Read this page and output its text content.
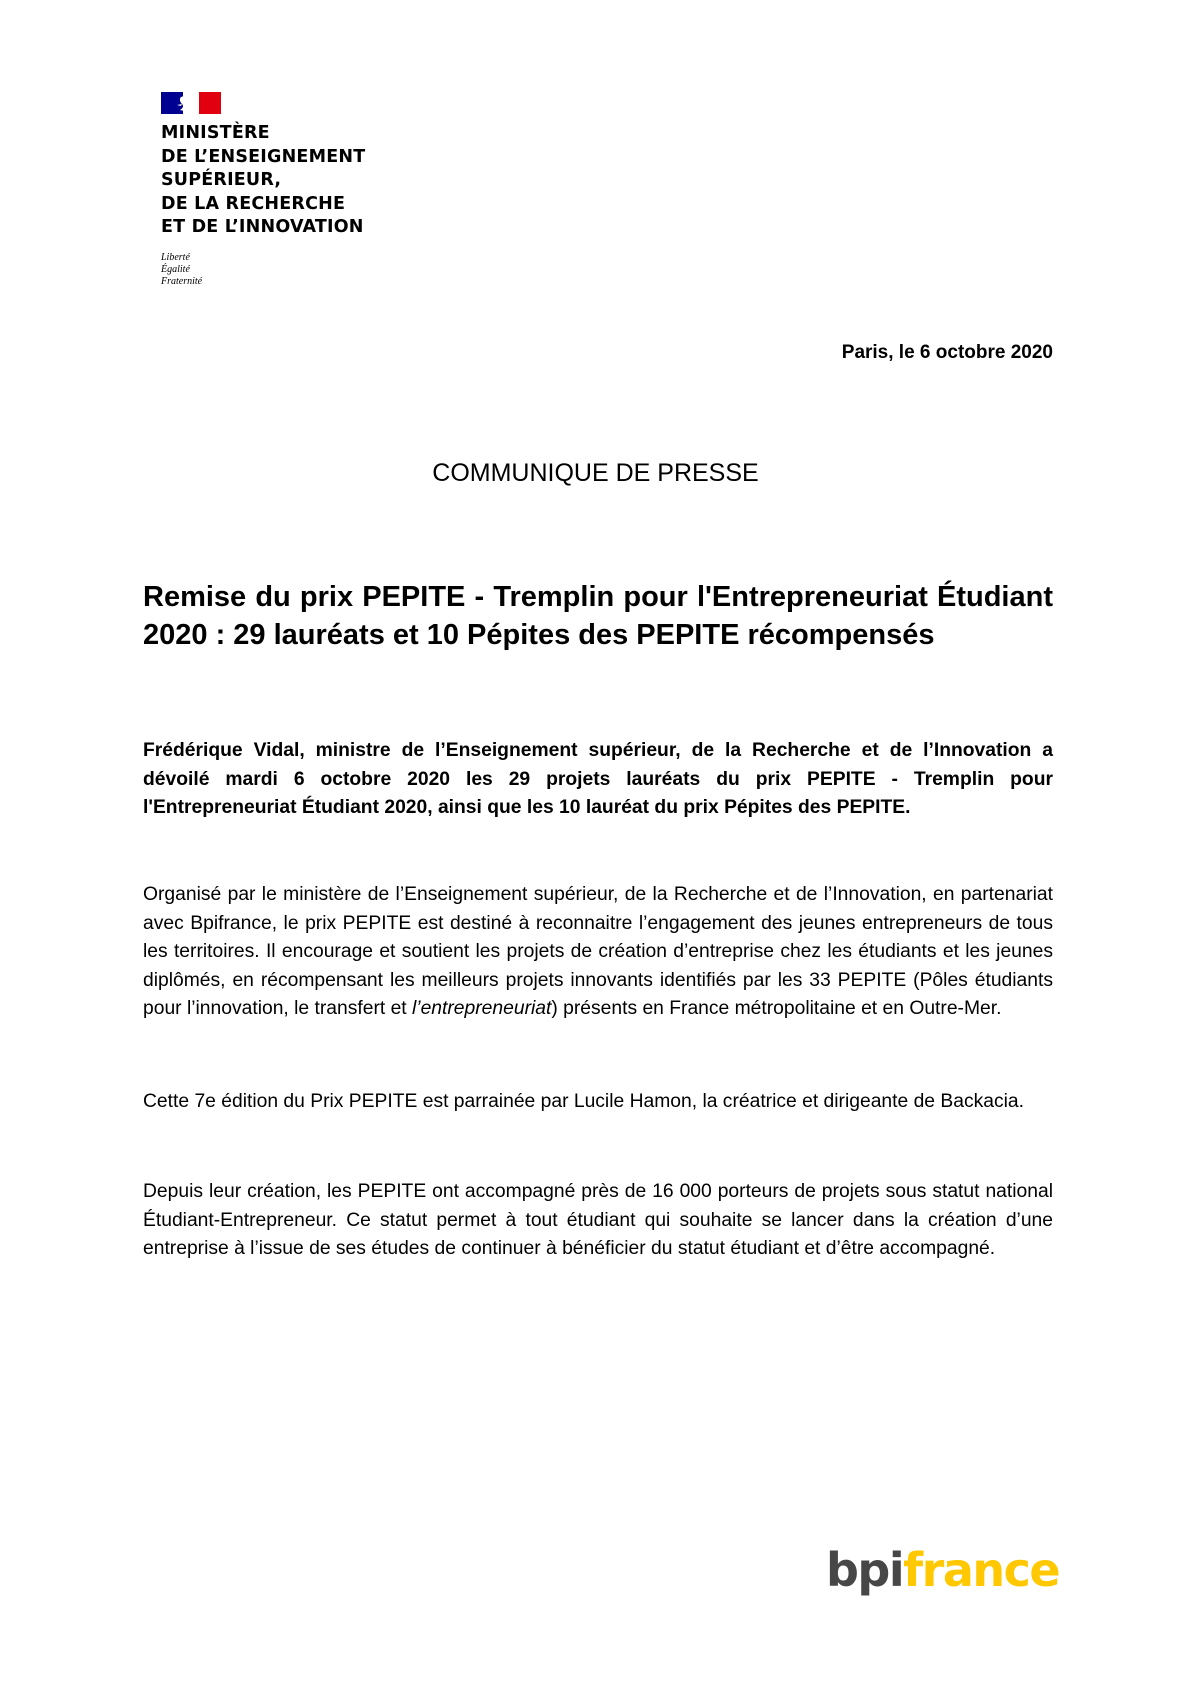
MINISTÈRE
DE L’ENSEIGNEMENT
SUPÉRIEUR,
DE LA RECHERCHE
ET DE L’INNOVATION

Liberté
Égalité
Fraternité
Paris, le 6 octobre 2020
COMMUNIQUE DE PRESSE
Remise du prix PEPITE - Tremplin pour l'Entrepreneuriat Étudiant 2020 : 29 lauréats et 10 Pépites des PEPITE récompensés

Frédérique Vidal, ministre de l’Enseignement supérieur, de la Recherche et de l’Innovation a dévoilé mardi 6 octobre 2020 les 29 projets lauréats du prix PEPITE - Tremplin pour l'Entrepreneuriat Étudiant 2020, ainsi que les 10 lauréat du prix Pépites des PEPITE.

Organisé par le ministère de l’Enseignement supérieur, de la Recherche et de l’Innovation, en partenariat avec Bpifrance, le prix PEPITE est destiné à reconnaitre l’engagement des jeunes entrepreneurs de tous les territoires. Il encourage et soutient les projets de création d’entreprise chez les étudiants et les jeunes diplômés, en récompensant les meilleurs projets innovants identifiés par les 33 PEPITE (Pôles étudiants pour l’innovation, le transfert et l’entrepreneuriat) présents en France métropolitaine et en Outre-Mer.

Cette 7e édition du Prix PEPITE est parrainée par Lucile Hamon, la créatrice et dirigeante de Backacia.

Depuis leur création, les PEPITE ont accompagné près de 16 000 porteurs de projets sous statut national Étudiant-Entrepreneur. Ce statut permet à tout étudiant qui souhaite se lancer dans la création d’une entreprise à l’issue de ses études de continuer à bénéficier du statut étudiant et d’être accompagné.

bpifrance
